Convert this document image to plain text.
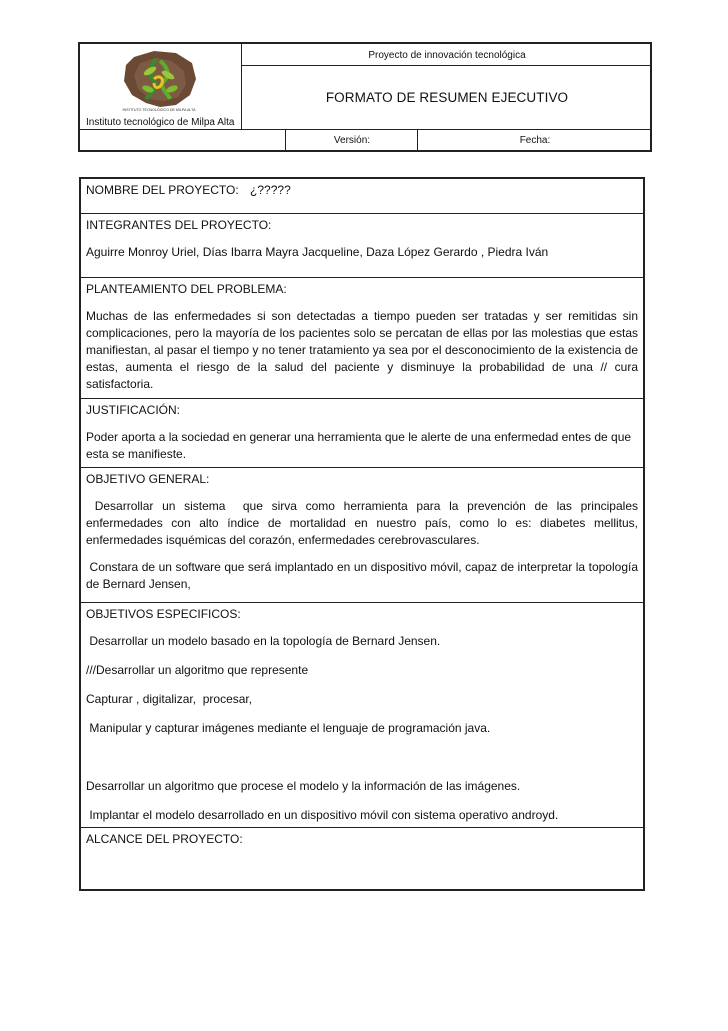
INSTITUTO TECNOLÓGICO DE MILPA ALTA
Instituto tecnológico de Milpa Alta
Proyecto de innovación tecnológica
FORMATO DE RESUMEN EJECUTIVO
Versión:	Fecha:
NOMBRE DEL PROYECTO: ¿?????
INTEGRANTES DEL PROYECTO:

Aguirre Monroy Uriel, Días Ibarra Mayra Jacqueline, Daza López Gerardo , Piedra Iván

PLANTEAMIENTO DEL PROBLEMA:

Muchas de las enfermedades si son detectadas a tiempo pueden ser tratadas y ser remitidas sin complicaciones, pero la mayoría de los pacientes solo se percatan de ellas por las molestias que estas manifiestan, al pasar el tiempo y no tener tratamiento ya sea por el desconocimiento de la existencia de estas, aumenta el riesgo de la salud del paciente y disminuye la probabilidad de una // cura satisfactoria.

JUSTIFICACIÓN:

Poder aporta a la sociedad en generar una herramienta que le alerte de una enfermedad entes de que esta se manifieste.

OBJETIVO GENERAL:

Desarrollar un sistema  que sirva como herramienta para la prevención de las principales enfermedades con alto índice de mortalidad en nuestro país, como lo es: diabetes mellitus, enfermedades isquémicas del corazón, enfermedades cerebrovasculares.

Constara de un software que será implantado en un dispositivo móvil, capaz de interpretar la topología de Bernard Jensen,

OBJETIVOS ESPECIFICOS:

Desarrollar un modelo basado en la topología de Bernard Jensen.

///Desarrollar un algoritmo que represente

Capturar , digitalizar,  procesar,

Manipular y capturar imágenes mediante el lenguaje de programación java.

Desarrollar un algoritmo que procese el modelo y la información de las imágenes.

Implantar el modelo desarrollado en un dispositivo móvil con sistema operativo androyd.

ALCANCE DEL PROYECTO:
